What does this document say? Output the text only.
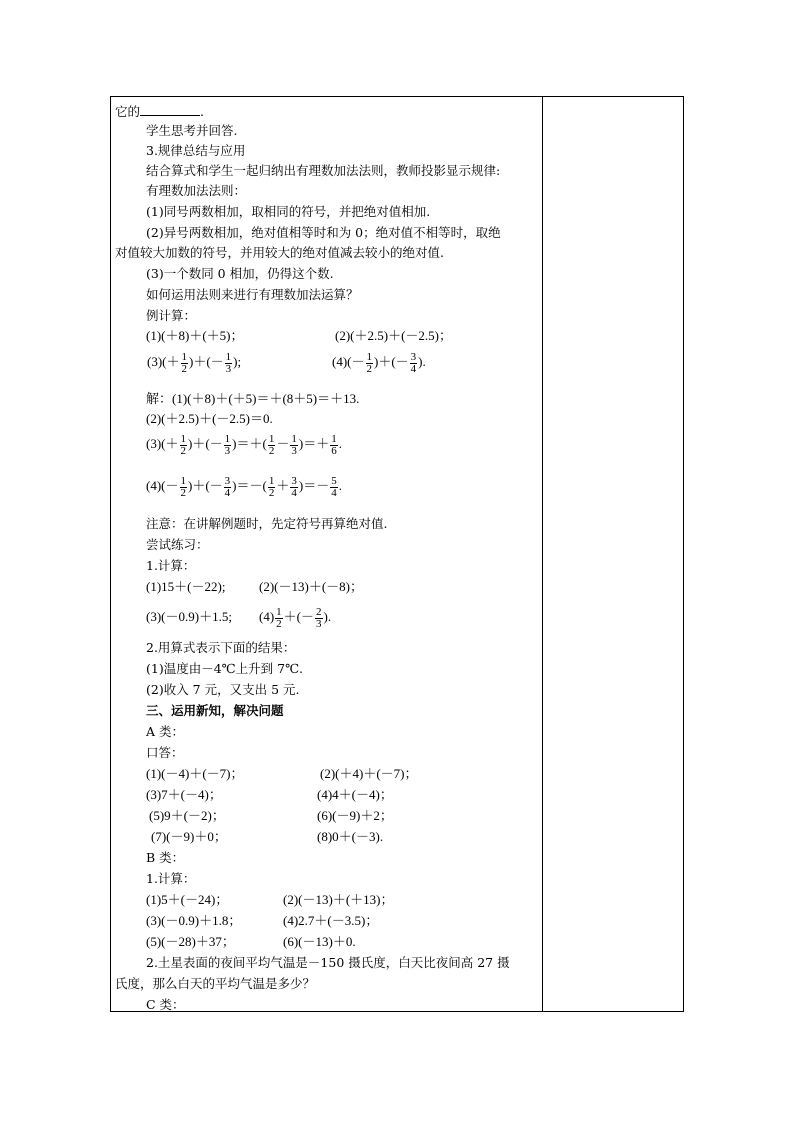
它的	.
学生思考并回答.
3.规律总结与应用
结合算式和学生一起归纳出有理数加法法则，教师投影显示规律:
有理数加法法则：
(1)同号两数相加，取相同的符号，并把绝对值相加.
(2)异号两数相加，绝对值相等时和为 0；绝对值不相等时，取绝
对值较大加数的符号，并用较大的绝对值减去较小的绝对值.
(3)一个数同 0 相加，仍得这个数.
如何运用法则来进行有理数加法运算？
例计算：
(1)(＋8)＋(＋5)；	(2)(＋2.5)＋(－2.5)；
$(3)(+ \frac{1}{2}$ )＋(－ $\frac{1}{3}$ );	$(4)(- \frac{1}{2}$ )＋(－ $\frac{3}{4}$ ).
解：(1)(＋8)＋(＋5)＝＋(8＋5)＝＋13.
(2)(＋2.5)＋(－2.5)＝0.
$(3)(+ \frac{1}{2}$ )＋(－ $\frac{1}{3}$ )＝＋( $\frac{1}{2} - \frac{1}{3}$ )＝＋ $\frac{1}{6}$ .
$(4)(- \frac{1}{2}$ )＋(－ $\frac{3}{4}$ )＝－( $\frac{1}{2} + \frac{3}{4}$ )＝－ $\frac{5}{4}$ .
注意：在讲解例题时，先定符号再算绝对值.
尝试练习：
1.计算：
(1)15＋(－22);	(2)(－13)＋(－8)；
(3)(－0.9)＋1.5; $(4) \frac{1}{2}$ ＋(－ $\frac{2}{3}$ ).
2.用算式表示下面的结果：
(1)温度由－4℃上升到 7℃.
(2)收入 7 元，又支出 5 元.
三、运用新知，解决问题
A 类：
口答：
(1)(－4)＋(－7)；	(2)(＋4)＋(－7)；
(3)7＋(－4)；	(4)4＋(－4)；
(5)9＋(－2)；	(6)(－9)＋2；
(7)(－9)＋0；	(8)0＋(－3).
B 类：
1.计算：
(1)5＋(－24)；	(2)(－13)＋(＋13)；
(3)(－0.9)＋1.8；	(4)2.7＋(－3.5)；
(5)(－28)＋37；	(6)(－13)＋0.
2.土星表面的夜间平均气温是－150 摄氏度，白天比夜间高 27 摄
氏度，那么白天的平均气温是多少？
C 类：
